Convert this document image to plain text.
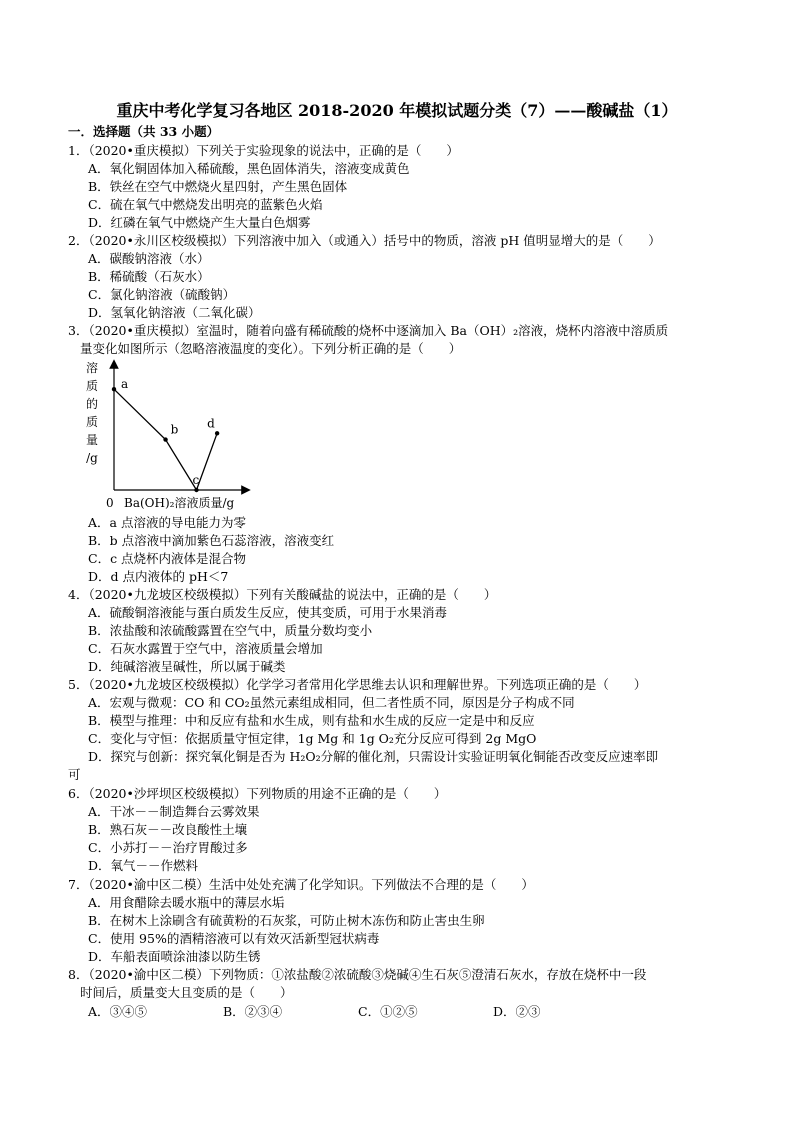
重庆中考化学复习各地区 2018-2020 年模拟试题分类（7）——酸碱盐（1）
一．选择题（共 33 小题）
1．（2020•重庆模拟）下列关于实验现象的说法中，正确的是（　　）
A．氧化铜固体加入稀硫酸，黑色固体消失，溶液变成黄色
B．铁丝在空气中燃烧火星四射，产生黑色固体
C．硫在氧气中燃烧发出明亮的蓝紫色火焰
D．红磷在氧气中燃烧产生大量白色烟雾
2．（2020•永川区校级模拟）下列溶液中加入（或通入）括号中的物质，溶液 pH 值明显增大的是（　　）
A．碳酸钠溶液（水）
B．稀硫酸（石灰水）
C．氯化钠溶液（硫酸钠）
D．氢氧化钠溶液（二氧化碳）
3．（2020•重庆模拟）室温时，随着向盛有稀硫酸的烧杯中逐滴加入 Ba（OH）₂溶液，烧杯内溶液中溶质质
量变化如图所示（忽略溶液温度的变化）。下列分析正确的是（　　）
溶
质
的
质
量
/g
a
b
c
d
0 Ba(OH)₂溶液质量/g
A．a 点溶液的导电能力为零
B．b 点溶液中滴加紫色石蕊溶液，溶液变红
C．c 点烧杯内液体是混合物
D．d 点内液体的 pH＜7
4．（2020•九龙坡区校级模拟）下列有关酸碱盐的说法中，正确的是（　　）
A．硫酸铜溶液能与蛋白质发生反应，使其变质，可用于水果消毒
B．浓盐酸和浓硫酸露置在空气中，质量分数均变小
C．石灰水露置于空气中，溶液质量会增加
D．纯碱溶液呈碱性，所以属于碱类
5．（2020•九龙坡区校级模拟）化学学习者常用化学思维去认识和理解世界。下列选项正确的是（　　）
A．宏观与微观：CO 和 CO₂虽然元素组成相同，但二者性质不同，原因是分子构成不同
B．模型与推理：中和反应有盐和水生成，则有盐和水生成的反应一定是中和反应
C．变化与守恒：依据质量守恒定律，1g Mg 和 1g O₂充分反应可得到 2g MgO
D．探究与创新：探究氧化铜是否为 H₂O₂分解的催化剂，只需设计实验证明氧化铜能否改变反应速率即
可
6．（2020•沙坪坝区校级模拟）下列物质的用途不正确的是（　　）
A．干冰－－制造舞台云雾效果
B．熟石灰－－改良酸性土壤
C．小苏打－－治疗胃酸过多
D．氧气－－作燃料
7．（2020•渝中区二模）生活中处处充满了化学知识。下列做法不合理的是（　　）
A．用食醋除去暖水瓶中的薄层水垢
B．在树木上涂刷含有硫黄粉的石灰浆，可防止树木冻伤和防止害虫生卵
C．使用 95%的酒精溶液可以有效灭活新型冠状病毒
D．车船表面喷涂油漆以防生锈
8．（2020•渝中区二模）下列物质：①浓盐酸②浓硫酸③烧碱④生石灰⑤澄清石灰水，存放在烧杯中一段
时间后，质量变大且变质的是（　　）
A．③④⑤	B．②③④	C．①②⑤	D．②③
